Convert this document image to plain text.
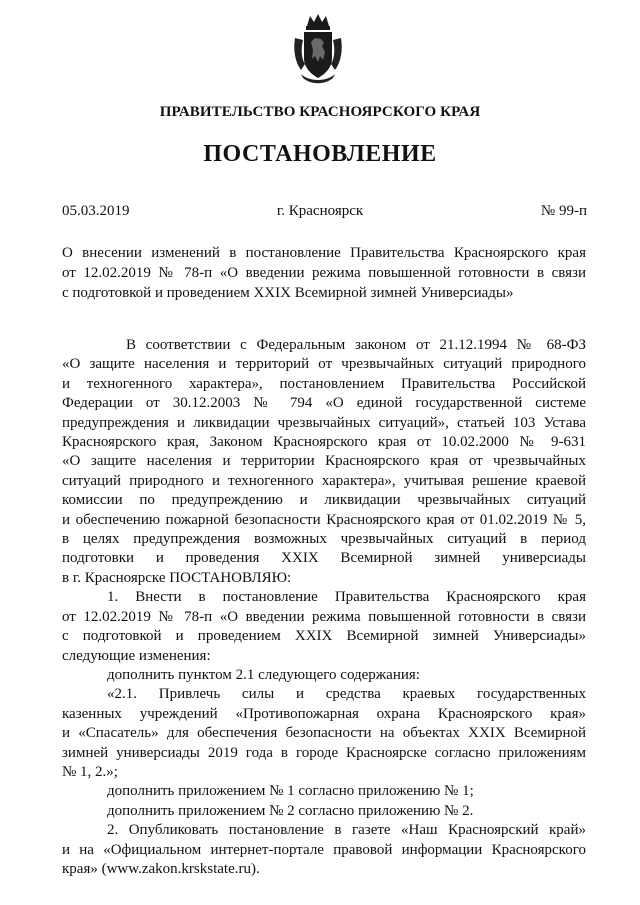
ПРАВИТЕЛЬСТВО КРАСНОЯРСКОГО КРАЯ
ПОСТАНОВЛЕНИЕ
05.03.2019	г. Красноярск	№ 99-п
О внесении изменений в постановление Правительства Красноярского края
от 12.02.2019 № 78-п «О введении режима повышенной готовности в связи
с подготовкой и проведением XXIX Всемирной зимней Универсиады»
В соответствии с Федеральным законом от 21.12.1994 № 68-ФЗ
«О защите населения и территорий от чрезвычайных ситуаций природного
и техногенного характера», постановлением Правительства Российской
Федерации от 30.12.2003 № 794 «О единой государственной системе
предупреждения и ликвидации чрезвычайных ситуаций», статьей 103 Устава
Красноярского края, Законом Красноярского края от 10.02.2000 № 9-631
«О защите населения и территории Красноярского края от чрезвычайных
ситуаций природного и техногенного характера», учитывая решение краевой
комиссии по предупреждению и ликвидации чрезвычайных ситуаций
и обеспечению пожарной безопасности Красноярского края от 01.02.2019 № 5,
в целях предупреждения возможных чрезвычайных ситуаций в период
подготовки и проведения XXIX Всемирной зимней универсиады
в г. Красноярске ПОСТАНОВЛЯЮ:
1. Внести в постановление Правительства Красноярского края
от 12.02.2019 № 78-п «О введении режима повышенной готовности в связи
с подготовкой и проведением XXIX Всемирной зимней Универсиады»
следующие изменения:
дополнить пунктом 2.1 следующего содержания:
«2.1. Привлечь силы и средства краевых государственных
казенных учреждений «Противопожарная охрана Красноярского края»
и «Спасатель» для обеспечения безопасности на объектах XXIX Всемирной
зимней универсиады 2019 года в городе Красноярске согласно приложениям
№ 1, 2.»;
дополнить приложением № 1 согласно приложению № 1;
дополнить приложением № 2 согласно приложению № 2.
2. Опубликовать постановление в газете «Наш Красноярский край»
и на «Официальном интернет-портале правовой информации Красноярского
края» (www.zakon.krskstate.ru).
